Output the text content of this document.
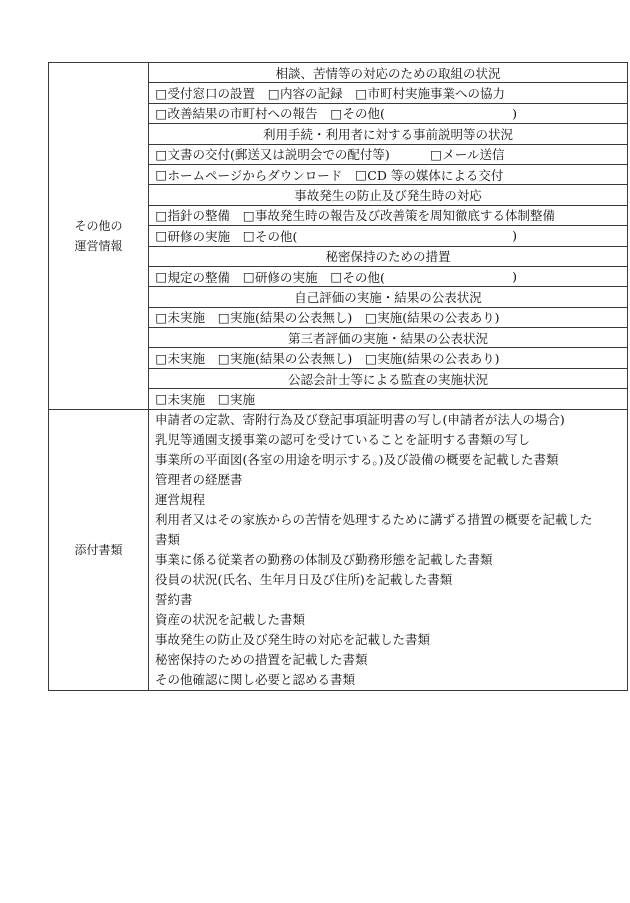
その他の
運営情報
相談、苦情等の対応のための取組の状況
□ 受付窓口の設置 □ 内容の記録 □ 市町村実施事業への協力
□ 改善結果の市町村への報告 □ その他(	)
利用手続・利用者に対する事前説明等の状況
□ 文書の交付(郵送又は説明会での配付等)	□ メール送信
□ ホームページからダウンロード □ CD 等の媒体による交付
事故発生の防止及び発生時の対応
□ 指針の整備 □ 事故発生時の報告及び改善策を周知徹底する体制整備
□ 研修の実施 □ その他(	)
秘密保持のための措置
□ 規定の整備 □ 研修の実施 □ その他(	)
自己評価の実施・結果の公表状況
□ 未実施 □ 実施(結果の公表無し) □ 実施(結果の公表あり)
第三者評価の実施・結果の公表状況
□ 未実施 □ 実施(結果の公表無し) □ 実施(結果の公表あり)
公認会計士等による監査の実施状況
□ 未実施 □ 実施
添付書類
申請者の定款、寄附行為及び登記事項証明書の写し(申請者が法人の場合)
乳児等通園支援事業の認可を受けていることを証明する書類の写し
事業所の平面図(各室の用途を明示する。)及び設備の概要を記載した書類
管理者の経歴書
運営規程
利用者又はその家族からの苦情を処理するために講ずる措置の概要を記載した書類
事業に係る従業者の勤務の体制及び勤務形態を記載した書類
役員の状況(氏名、生年月日及び住所)を記載した書類
誓約書
資産の状況を記載した書類
事故発生の防止及び発生時の対応を記載した書類
秘密保持のための措置を記載した書類
その他確認に関し必要と認める書類
